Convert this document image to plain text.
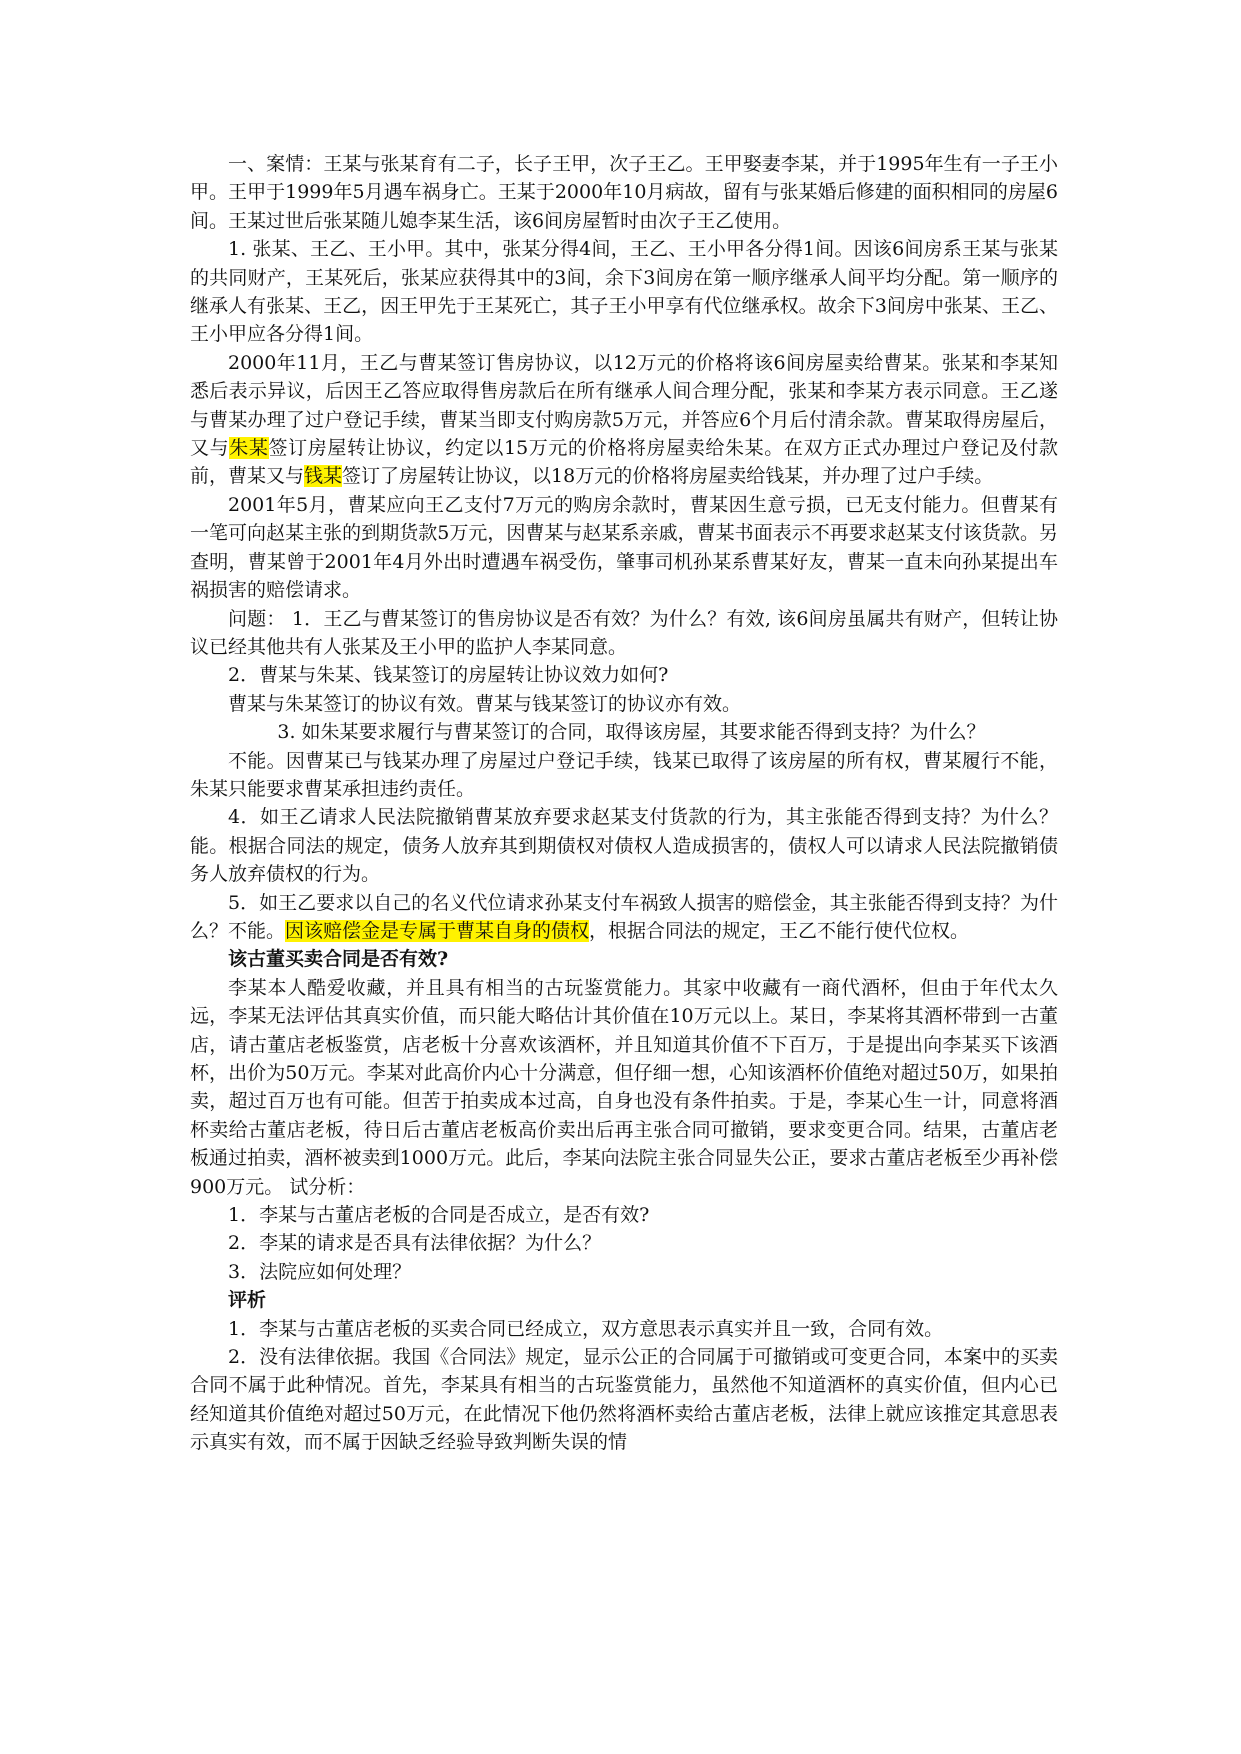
一、案情：王某与张某育有二子，长子王甲，次子王乙。王甲娶妻李某，并于1995年生有一子王小甲。王甲于1999年5月遇车祸身亡。王某于2000年10月病故，留有与张某婚后修建的面积相同的房屋6间。王某过世后张某随儿媳李某生活，该6间房屋暂时由次子王乙使用。

1. 张某、王乙、王小甲。其中，张某分得4间，王乙、王小甲各分得1间。因该6间房系王某与张某的共同财产，王某死后，张某应获得其中的3间，余下3间房在第一顺序继承人间平均分配。第一顺序的继承人有张某、王乙，因王甲先于王某死亡，其子王小甲享有代位继承权。故余下3间房中张某、王乙、王小甲应各分得1间。

2000年11月，王乙与曹某签订售房协议，以12万元的价格将该6间房屋卖给曹某。张某和李某知悉后表示异议，后因王乙答应取得售房款后在所有继承人间合理分配，张某和李某方表示同意。王乙遂与曹某办理了过户登记手续，曹某当即支付购房款5万元，并答应6个月后付清余款。曹某取得房屋后，又与朱某签订房屋转让协议，约定以15万元的价格将房屋卖给朱某。在双方正式办理过户登记及付款前，曹某又与钱某签订了房屋转让协议，以18万元的价格将房屋卖给钱某，并办理了过户手续。

2001年5月，曹某应向王乙支付7万元的购房余款时，曹某因生意亏损，已无支付能力。但曹某有一笔可向赵某主张的到期货款5万元，因曹某与赵某系亲戚，曹某书面表示不再要求赵某支付该货款。另查明，曹某曾于2001年4月外出时遭遇车祸受伤，肇事司机孙某系曹某好友，曹某一直未向孙某提出车祸损害的赔偿请求。

问题： 1．王乙与曹某签订的售房协议是否有效？为什么？有效, 该6间房虽属共有财产，但转让协议已经其他共有人张某及王小甲的监护人李某同意。

2．曹某与朱某、钱某签订的房屋转让协议效力如何?

曹某与朱某签订的协议有效。曹某与钱某签订的协议亦有效。

3. 如朱某要求履行与曹某签订的合同，取得该房屋，其要求能否得到支持？为什么？

不能。因曹某已与钱某办理了房屋过户登记手续，钱某已取得了该房屋的所有权，曹某履行不能，朱某只能要求曹某承担违约责任。

4．如王乙请求人民法院撤销曹某放弃要求赵某支付货款的行为，其主张能否得到支持？为什么？能。根据合同法的规定，债务人放弃其到期债权对债权人造成损害的，债权人可以请求人民法院撤销债务人放弃债权的行为。

5．如王乙要求以自己的名义代位请求孙某支付车祸致人损害的赔偿金，其主张能否得到支持？为什么？不能。因该赔偿金是专属于曹某自身的债权，根据合同法的规定，王乙不能行使代位权。

该古董买卖合同是否有效?

李某本人酷爱收藏，并且具有相当的古玩鉴赏能力。其家中收藏有一商代酒杯，但由于年代太久远，李某无法评估其真实价值，而只能大略估计其价值在10万元以上。某日，李某将其酒杯带到一古董店，请古董店老板鉴赏，店老板十分喜欢该酒杯，并且知道其价值不下百万，于是提出向李某买下该酒杯，出价为50万元。李某对此高价内心十分满意，但仔细一想，心知该酒杯价值绝对超过50万，如果拍卖，超过百万也有可能。但苦于拍卖成本过高，自身也没有条件拍卖。于是，李某心生一计，同意将酒杯卖给古董店老板，待日后古董店老板高价卖出后再主张合同可撤销，要求变更合同。结果，古董店老板通过拍卖，酒杯被卖到1000万元。此后，李某向法院主张合同显失公正，要求古董店老板至少再补偿900万元。 试分析：

1．李某与古董店老板的合同是否成立，是否有效?

2．李某的请求是否具有法律依据？为什么？

3．法院应如何处理？

评析

1．李某与古董店老板的买卖合同已经成立，双方意思表示真实并且一致，合同有效。

2．没有法律依据。我国《合同法》规定，显示公正的合同属于可撤销或可变更合同，本案中的买卖合同不属于此种情况。首先，李某具有相当的古玩鉴赏能力，虽然他不知道酒杯的真实价值，但内心已经知道其价值绝对超过50万元，在此情况下他仍然将酒杯卖给古董店老板，法律上就应该推定其意思表示真实有效，而不属于因缺乏经验导致判断失误的情
